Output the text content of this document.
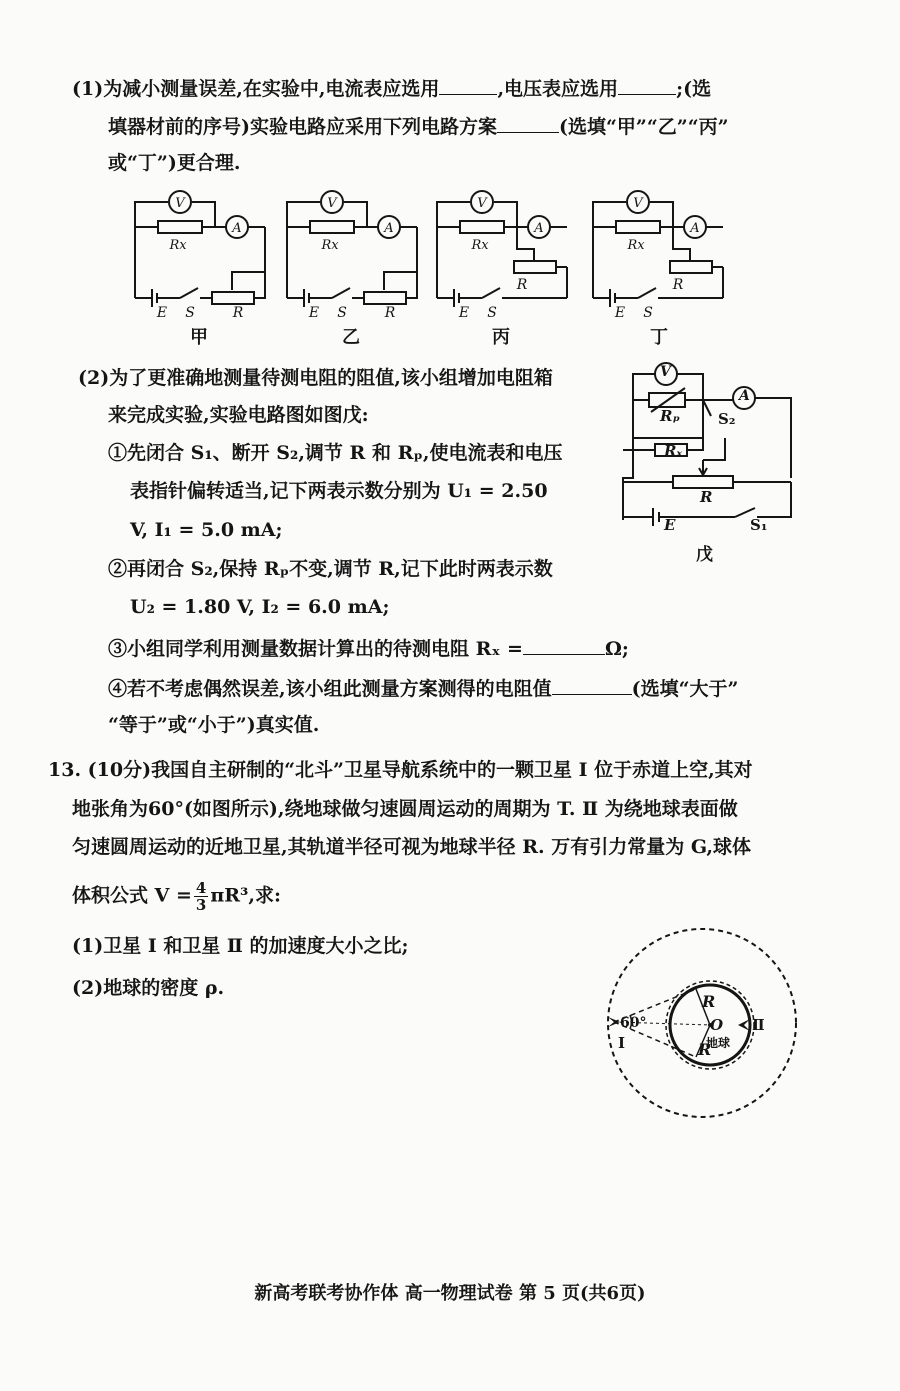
(1)为减小测量误差,在实验中,电流表应选用	,电压表应选用	;(选
填器材前的序号)实验电路应采用下列电路方案	(选填“甲”“乙”“丙”
或“丁”)更合理.
V
Rx
A
E S	R
V
Rx
A
E S	R
V
Rx
A
E S
R
V
Rx
A
E S
R
甲	乙	丙	丁
(2)为了更准确地测量待测电阻的阻值,该小组增加电阻箱
来完成实验,实验电路图如图戊:
①先闭合 S₁、断开 S₂,调节 R 和 Rₚ,使电流表和电压
表指针偏转适当,记下两表示数分别为 U₁ = 2.50
V, I₁ = 5.0 mA;
②再闭合 S₂,保持 Rₚ不变,调节 R,记下此时两表示数
U₂ = 1.80 V, I₂ = 6.0 mA;
③小组同学利用测量数据计算出的待测电阻 Rₓ =	Ω;
④若不考虑偶然误差,该小组此测量方案测得的电阻值	(选填“大于”
“等于”或“小于”)真实值.
V
A
Rₚ	S₂
Rₓ
R
E	S₁
戊
13. (10分)我国自主研制的“北斗”卫星导航系统中的一颗卫星 Ⅰ 位于赤道上空,其对
地张角为60°(如图所示),绕地球做匀速圆周运动的周期为 T. Ⅱ 为绕地球表面做
匀速圆周运动的近地卫星,其轨道半径可视为地球半径 R. 万有引力常量为 G,球体
体积公式 $V = \frac{4}{3} \pi R^3$,求:
(1)卫星 Ⅰ 和卫星 Ⅱ 的加速度大小之比;
(2)地球的密度 ρ.
60°
Ⅰ
Ⅱ
R
R
O
地球
新高考联考协作体 高一物理试卷 第 5 页(共6页)
